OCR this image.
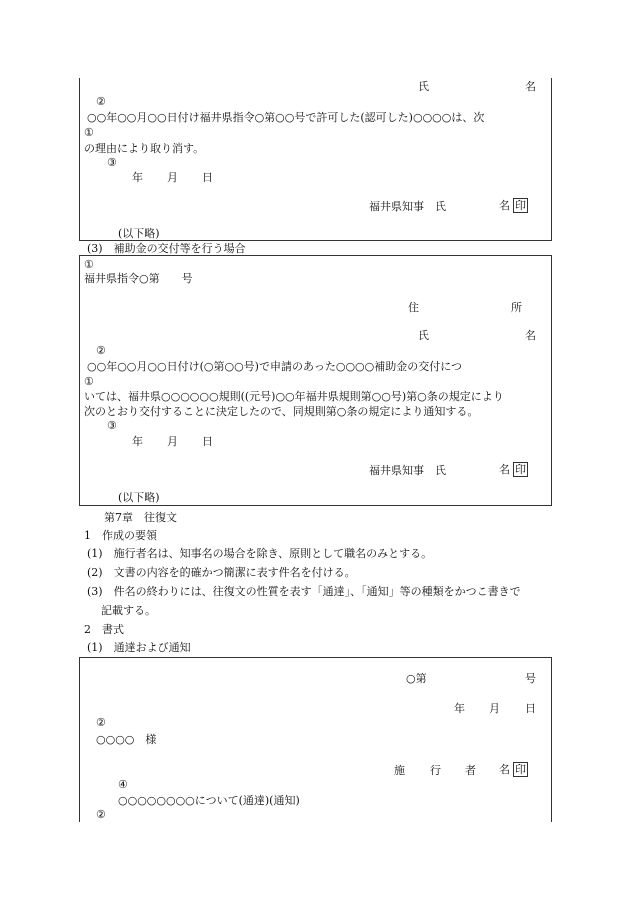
氏	名
②
○○年○○月○○日付け福井県指令○第○○号で許可した(認可した)○○○○は、次
①
の理由により取り消す。
③
年 月 日
福井県知事　氏	名 印
(以下略)
(3)　補助金の交付等を行う場合
①
福井県指令○第　　号
住	所
氏	名
②
○○年○○月○○日付け(○第○○号)で申請のあった○○○○補助金の交付につ
①
いては、福井県○○○○○○規則((元号)○○年福井県規則第○○号)第○条の規定により
次のとおり交付することに決定したので、同規則第○条の規定により通知する。
③
年 月 日
福井県知事　氏	名 印
(以下略)
第7章　往復文
1　作成の要領
(1)　施行者名は、知事名の場合を除き、原則として職名のみとする。
(2)　文書の内容を的確かつ簡潔に表す件名を付ける。
(3)　件名の終わりには、往復文の性質を表す「通達」、「通知」等の種類をかつこ書きで
記載する。
2　書式
(1)　通達および通知
○第	号
年 月 日
②
○○○○　様
施 行 者 名 印
④
○○○○○○○○について(通達)(通知)
②
